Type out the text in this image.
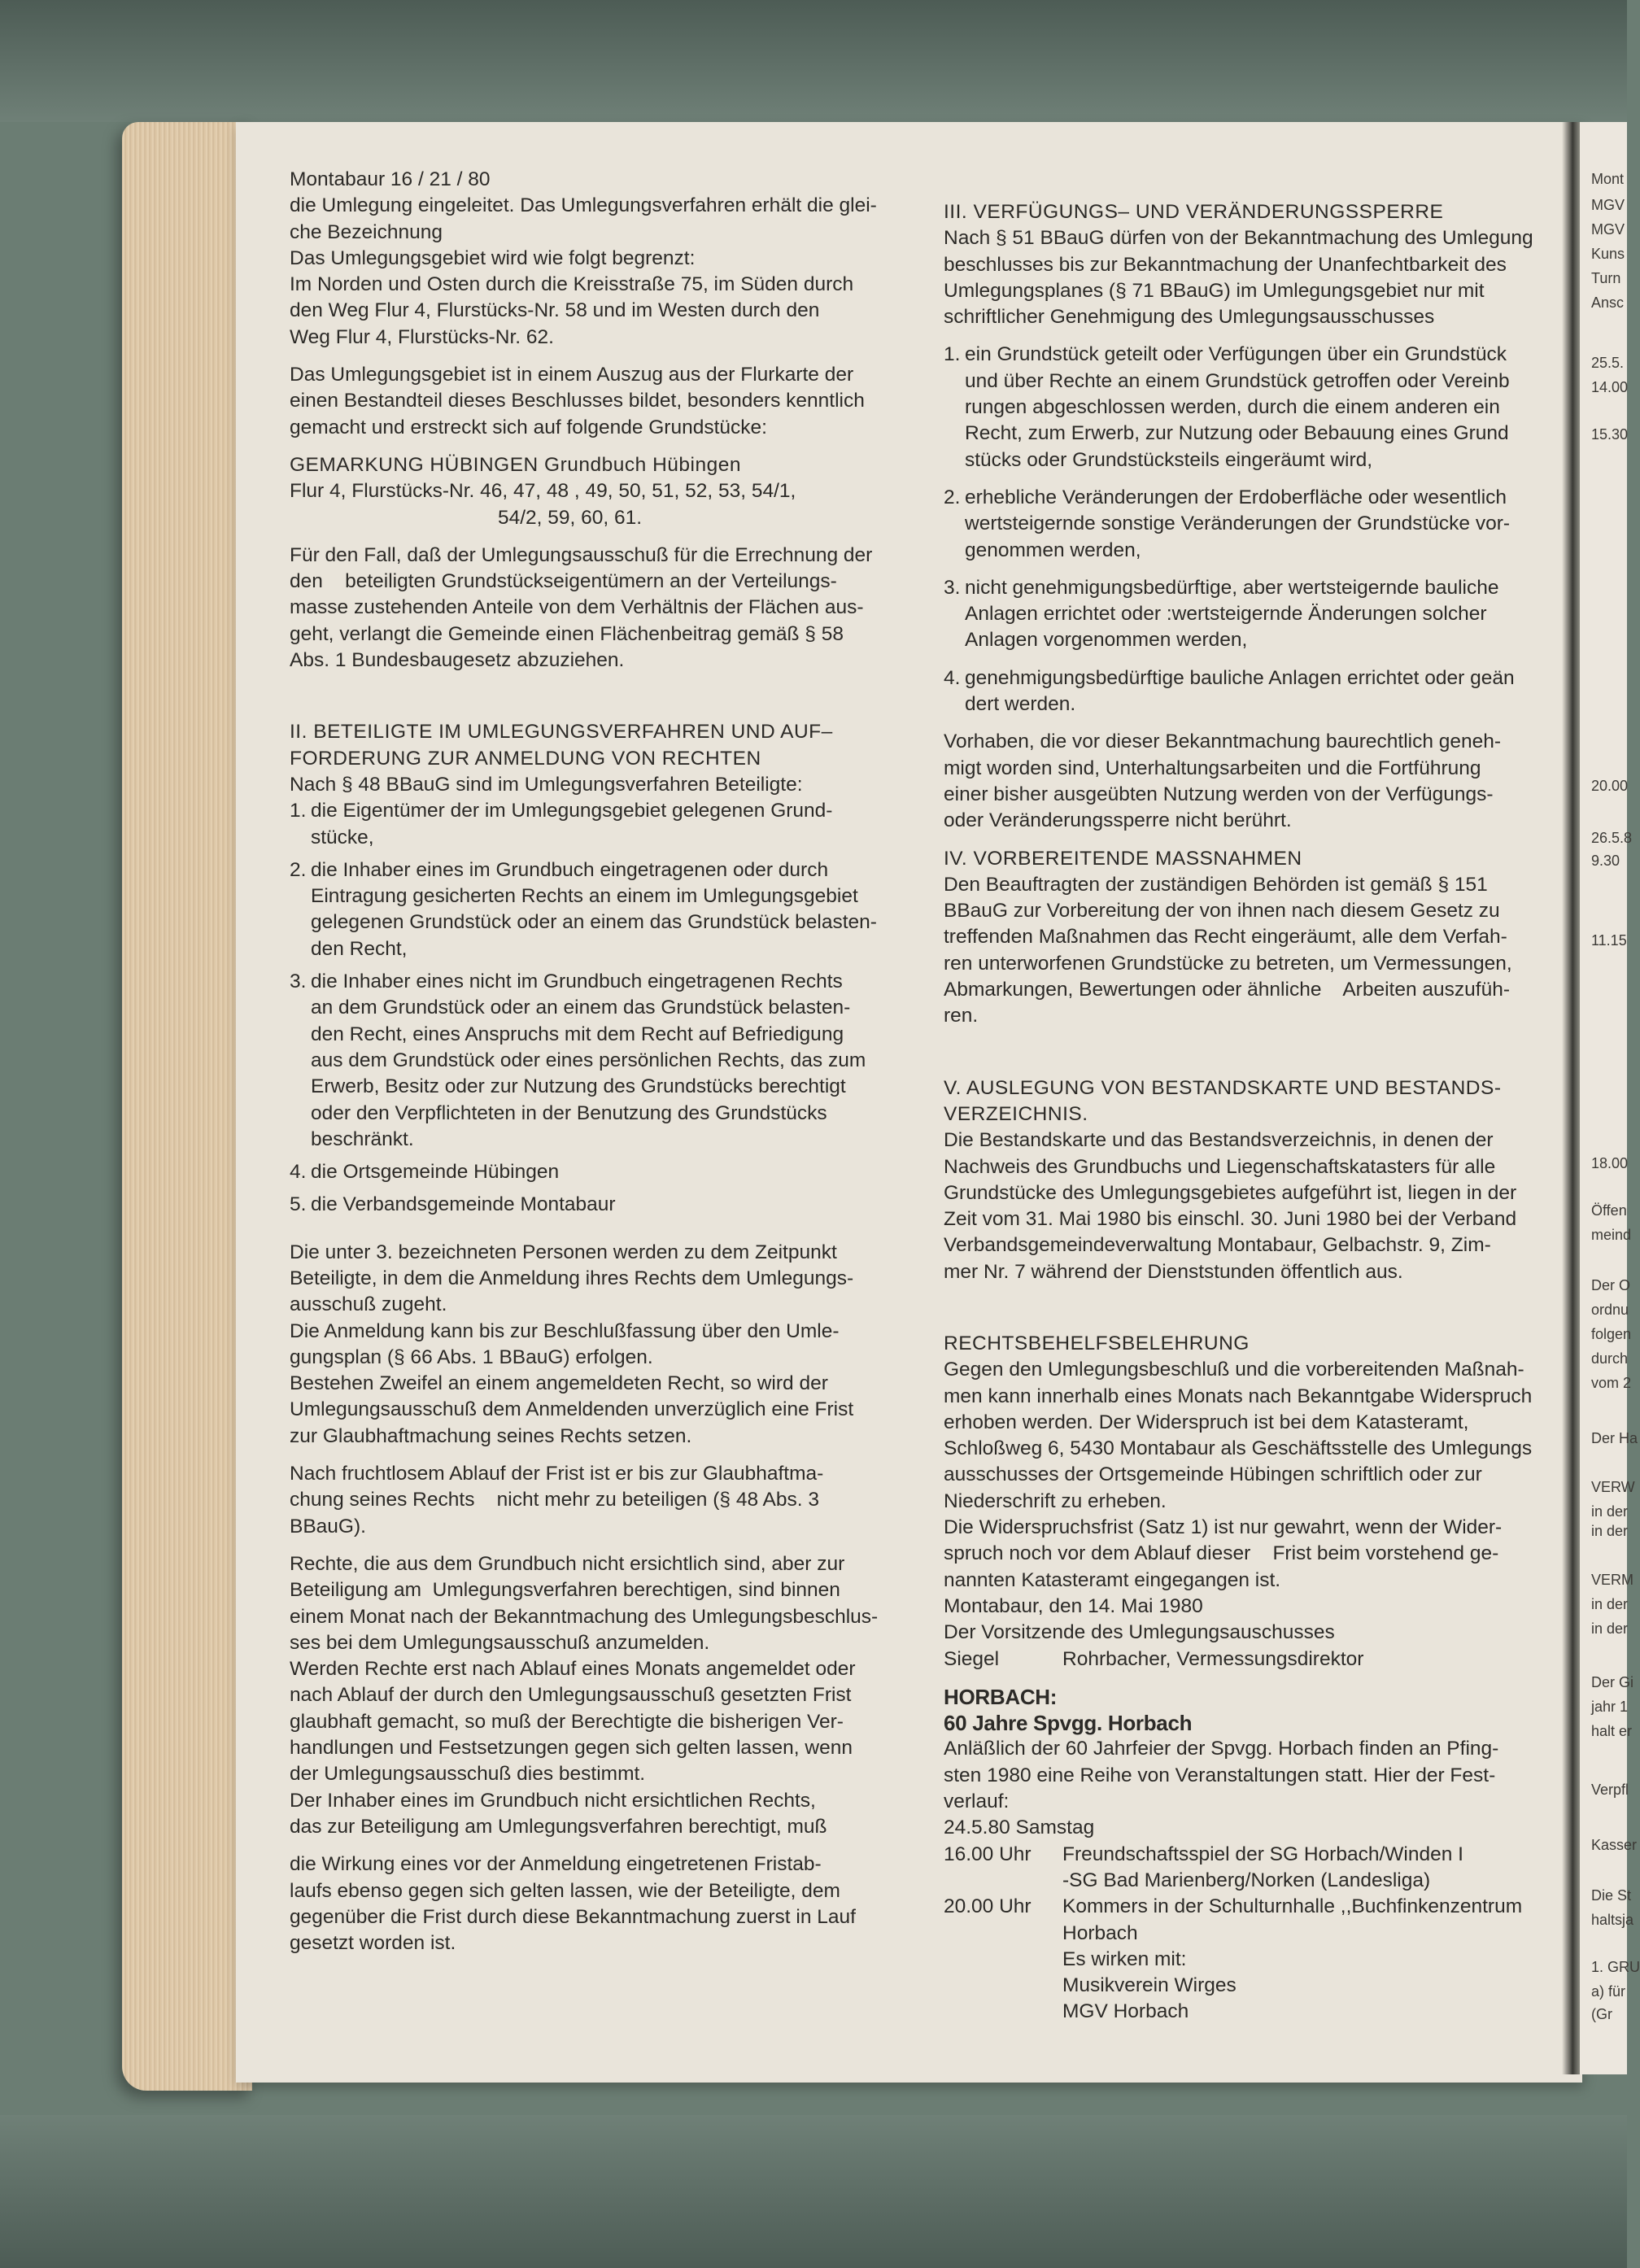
Mont
MGV
MGV
Kuns
Turn
Ansc
25.5.
14.00
15.30
20.00
26.5.8
9.30
11.15
18.00
Öffen
meind
Der O
ordnu
folgen
durch
vom 2
Der Ha
VERW
in der
in der
VERM
in der
in der
Der Gi
jahr 1
halt er
Verpfl
Kasser
Die St
haltsja
1. GRU
a) für
(Gr

Montabaur 16 / 21 / 80

die Umlegung eingeleitet. Das Umlegungsverfahren erhält die glei-

che Bezeichnung

Das Umlegungsgebiet wird wie folgt begrenzt:

Im Norden und Osten durch die Kreisstraße 75, im Süden durch

den Weg Flur 4, Flurstücks-Nr. 58 und im Westen durch den

Weg Flur 4, Flurstücks-Nr. 62.

Das Umlegungsgebiet ist in einem Auszug aus der Flurkarte der

einen Bestandteil dieses Beschlusses bildet, besonders kenntlich

gemacht und erstreckt sich auf folgende Grundstücke:

GEMARKUNG HÜBINGEN Grundbuch Hübingen

Flur 4, Flurstücks-Nr. 46, 47, 48 , 49, 50, 51, 52, 53, 54/1,

54/2, 59, 60, 61.

Für den Fall, daß der Umlegungsausschuß für die Errechnung der

den    beteiligten Grundstückseigentümern an der Verteilungs-

masse zustehenden Anteile von dem Verhältnis der Flächen aus-

geht, verlangt die Gemeinde einen Flächenbeitrag gemäß § 58

Abs. 1 Bundesbaugesetz abzuziehen.

II. BETEILIGTE IM UMLEGUNGSVERFAHREN UND AUF–

FORDERUNG ZUR ANMELDUNG VON RECHTEN

Nach § 48 BBauG sind im Umlegungsverfahren Beteiligte:

1. die Eigentümer der im Umlegungsgebiet gelegenen Grund-
stücke,
2. die Inhaber eines im Grundbuch eingetragenen oder durch
Eintragung gesicherten Rechts an einem im Umlegungsgebiet
gelegenen Grundstück oder an einem das Grundstück belasten-
den Recht,
3. die Inhaber eines nicht im Grundbuch eingetragenen Rechts
an dem Grundstück oder an einem das Grundstück belasten-
den Recht, eines Anspruchs mit dem Recht auf Befriedigung
aus dem Grundstück oder eines persönlichen Rechts, das zum
Erwerb, Besitz oder zur Nutzung des Grundstücks berechtigt
oder den Verpflichteten in der Benutzung des Grundstücks
beschränkt.
4. die Ortsgemeinde Hübingen
5. die Verbandsgemeinde Montabaur

Die unter 3. bezeichneten Personen werden zu dem Zeitpunkt

Beteiligte, in dem die Anmeldung ihres Rechts dem Umlegungs-

ausschuß zugeht.

Die Anmeldung kann bis zur Beschlußfassung über den Umle-

gungsplan (§ 66 Abs. 1 BBauG) erfolgen.

Bestehen Zweifel an einem angemeldeten Recht, so wird der

Umlegungsausschuß dem Anmeldenden unverzüglich eine Frist

zur Glaubhaftmachung seines Rechts setzen.

Nach fruchtlosem Ablauf der Frist ist er bis zur Glaubhaftma-

chung seines Rechts    nicht mehr zu beteiligen (§ 48 Abs. 3

BBauG).

Rechte, die aus dem Grundbuch nicht ersichtlich sind, aber zur

Beteiligung am  Umlegungsverfahren berechtigen, sind binnen

einem Monat nach der Bekanntmachung des Umlegungsbeschlus-

ses bei dem Umlegungsausschuß anzumelden.

Werden Rechte erst nach Ablauf eines Monats angemeldet oder

nach Ablauf der durch den Umlegungsausschuß gesetzten Frist

glaubhaft gemacht, so muß der Berechtigte die bisherigen Ver-

handlungen und Festsetzungen gegen sich gelten lassen, wenn

der Umlegungsausschuß dies bestimmt.

Der Inhaber eines im Grundbuch nicht ersichtlichen Rechts,

das zur Beteiligung am Umlegungsverfahren berechtigt, muß

die Wirkung eines vor der Anmeldung eingetretenen Fristab-

laufs ebenso gegen sich gelten lassen, wie der Beteiligte, dem

gegenüber die Frist durch diese Bekanntmachung zuerst in Lauf

gesetzt worden ist.

III. VERFÜGUNGS– UND VERÄNDERUNGSSPERRE

Nach § 51 BBauG dürfen von der Bekanntmachung des Umlegung

beschlusses bis zur Bekanntmachung der Unanfechtbarkeit des

Umlegungsplanes (§ 71 BBauG) im Umlegungsgebiet nur mit

schriftlicher Genehmigung des Umlegungsausschusses

1. ein Grundstück geteilt oder Verfügungen über ein Grundstück
und über Rechte an einem Grundstück getroffen oder Vereinb
rungen abgeschlossen werden, durch die einem anderen ein
Recht, zum Erwerb, zur Nutzung oder Bebauung eines Grund
stücks oder Grundstücksteils eingeräumt wird,
2. erhebliche Veränderungen der Erdoberfläche oder wesentlich
wertsteigernde sonstige Veränderungen der Grundstücke vor-
genommen werden,
3. nicht genehmigungsbedürftige, aber wertsteigernde bauliche
Anlagen errichtet oder :wertsteigernde Änderungen solcher
Anlagen vorgenommen werden,
4. genehmigungsbedürftige bauliche Anlagen errichtet oder geän
dert werden.

Vorhaben, die vor dieser Bekanntmachung baurechtlich geneh-

migt worden sind, Unterhaltungsarbeiten und die Fortführung

einer bisher ausgeübten Nutzung werden von der Verfügungs-

oder Veränderungssperre nicht berührt.

IV. VORBEREITENDE MASSNAHMEN

Den Beauftragten der zuständigen Behörden ist gemäß § 151

BBauG zur Vorbereitung der von ihnen nach diesem Gesetz zu

treffenden Maßnahmen das Recht eingeräumt, alle dem Verfah-

ren unterworfenen Grundstücke zu betreten, um Vermessungen,

Abmarkungen, Bewertungen oder ähnliche    Arbeiten auszufüh-

ren.

V. AUSLEGUNG VON BESTANDSKARTE UND BESTANDS-

VERZEICHNIS.

Die Bestandskarte und das Bestandsverzeichnis, in denen der

Nachweis des Grundbuchs und Liegenschaftskatasters für alle

Grundstücke des Umlegungsgebietes aufgeführt ist, liegen in der

Zeit vom 31. Mai 1980 bis einschl. 30. Juni 1980 bei der Verband

Verbandsgemeindeverwaltung Montabaur, Gelbachstr. 9, Zim-

mer Nr. 7 während der Dienststunden öffentlich aus.

RECHTSBEHELFSBELEHRUNG

Gegen den Umlegungsbeschluß und die vorbereitenden Maßnah-

men kann innerhalb eines Monats nach Bekanntgabe Widerspruch

erhoben werden. Der Widerspruch ist bei dem Katasteramt,

Schloßweg 6, 5430 Montabaur als Geschäftsstelle des Umlegungs

ausschusses der Ortsgemeinde Hübingen schriftlich oder zur

Niederschrift zu erheben.

Die Widerspruchsfrist (Satz 1) ist nur gewahrt, wenn der Wider-

spruch noch vor dem Ablauf dieser    Frist beim vorstehend ge-

nannten Katasteramt eingegangen ist.

Montabaur, den 14. Mai 1980

Der Vorsitzende des Umlegungsauschusses

Siegel	Rohrbacher, Vermessungsdirektor

HORBACH:

60 Jahre Spvgg. Horbach

Anläßlich der 60 Jahrfeier der Spvgg. Horbach finden an Pfing-

sten 1980 eine Reihe von Veranstaltungen statt. Hier der Fest-

verlauf:

24.5.80 Samstag

16.00 Uhr	Freundschaftsspiel der SG Horbach/Winden I
-SG Bad Marienberg/Norken (Landesliga)
20.00 Uhr	Kommers in der Schulturnhalle ,,Buchfinkenzentrum
Horbach
Es wirken mit:
Musikverein Wirges
MGV Horbach
